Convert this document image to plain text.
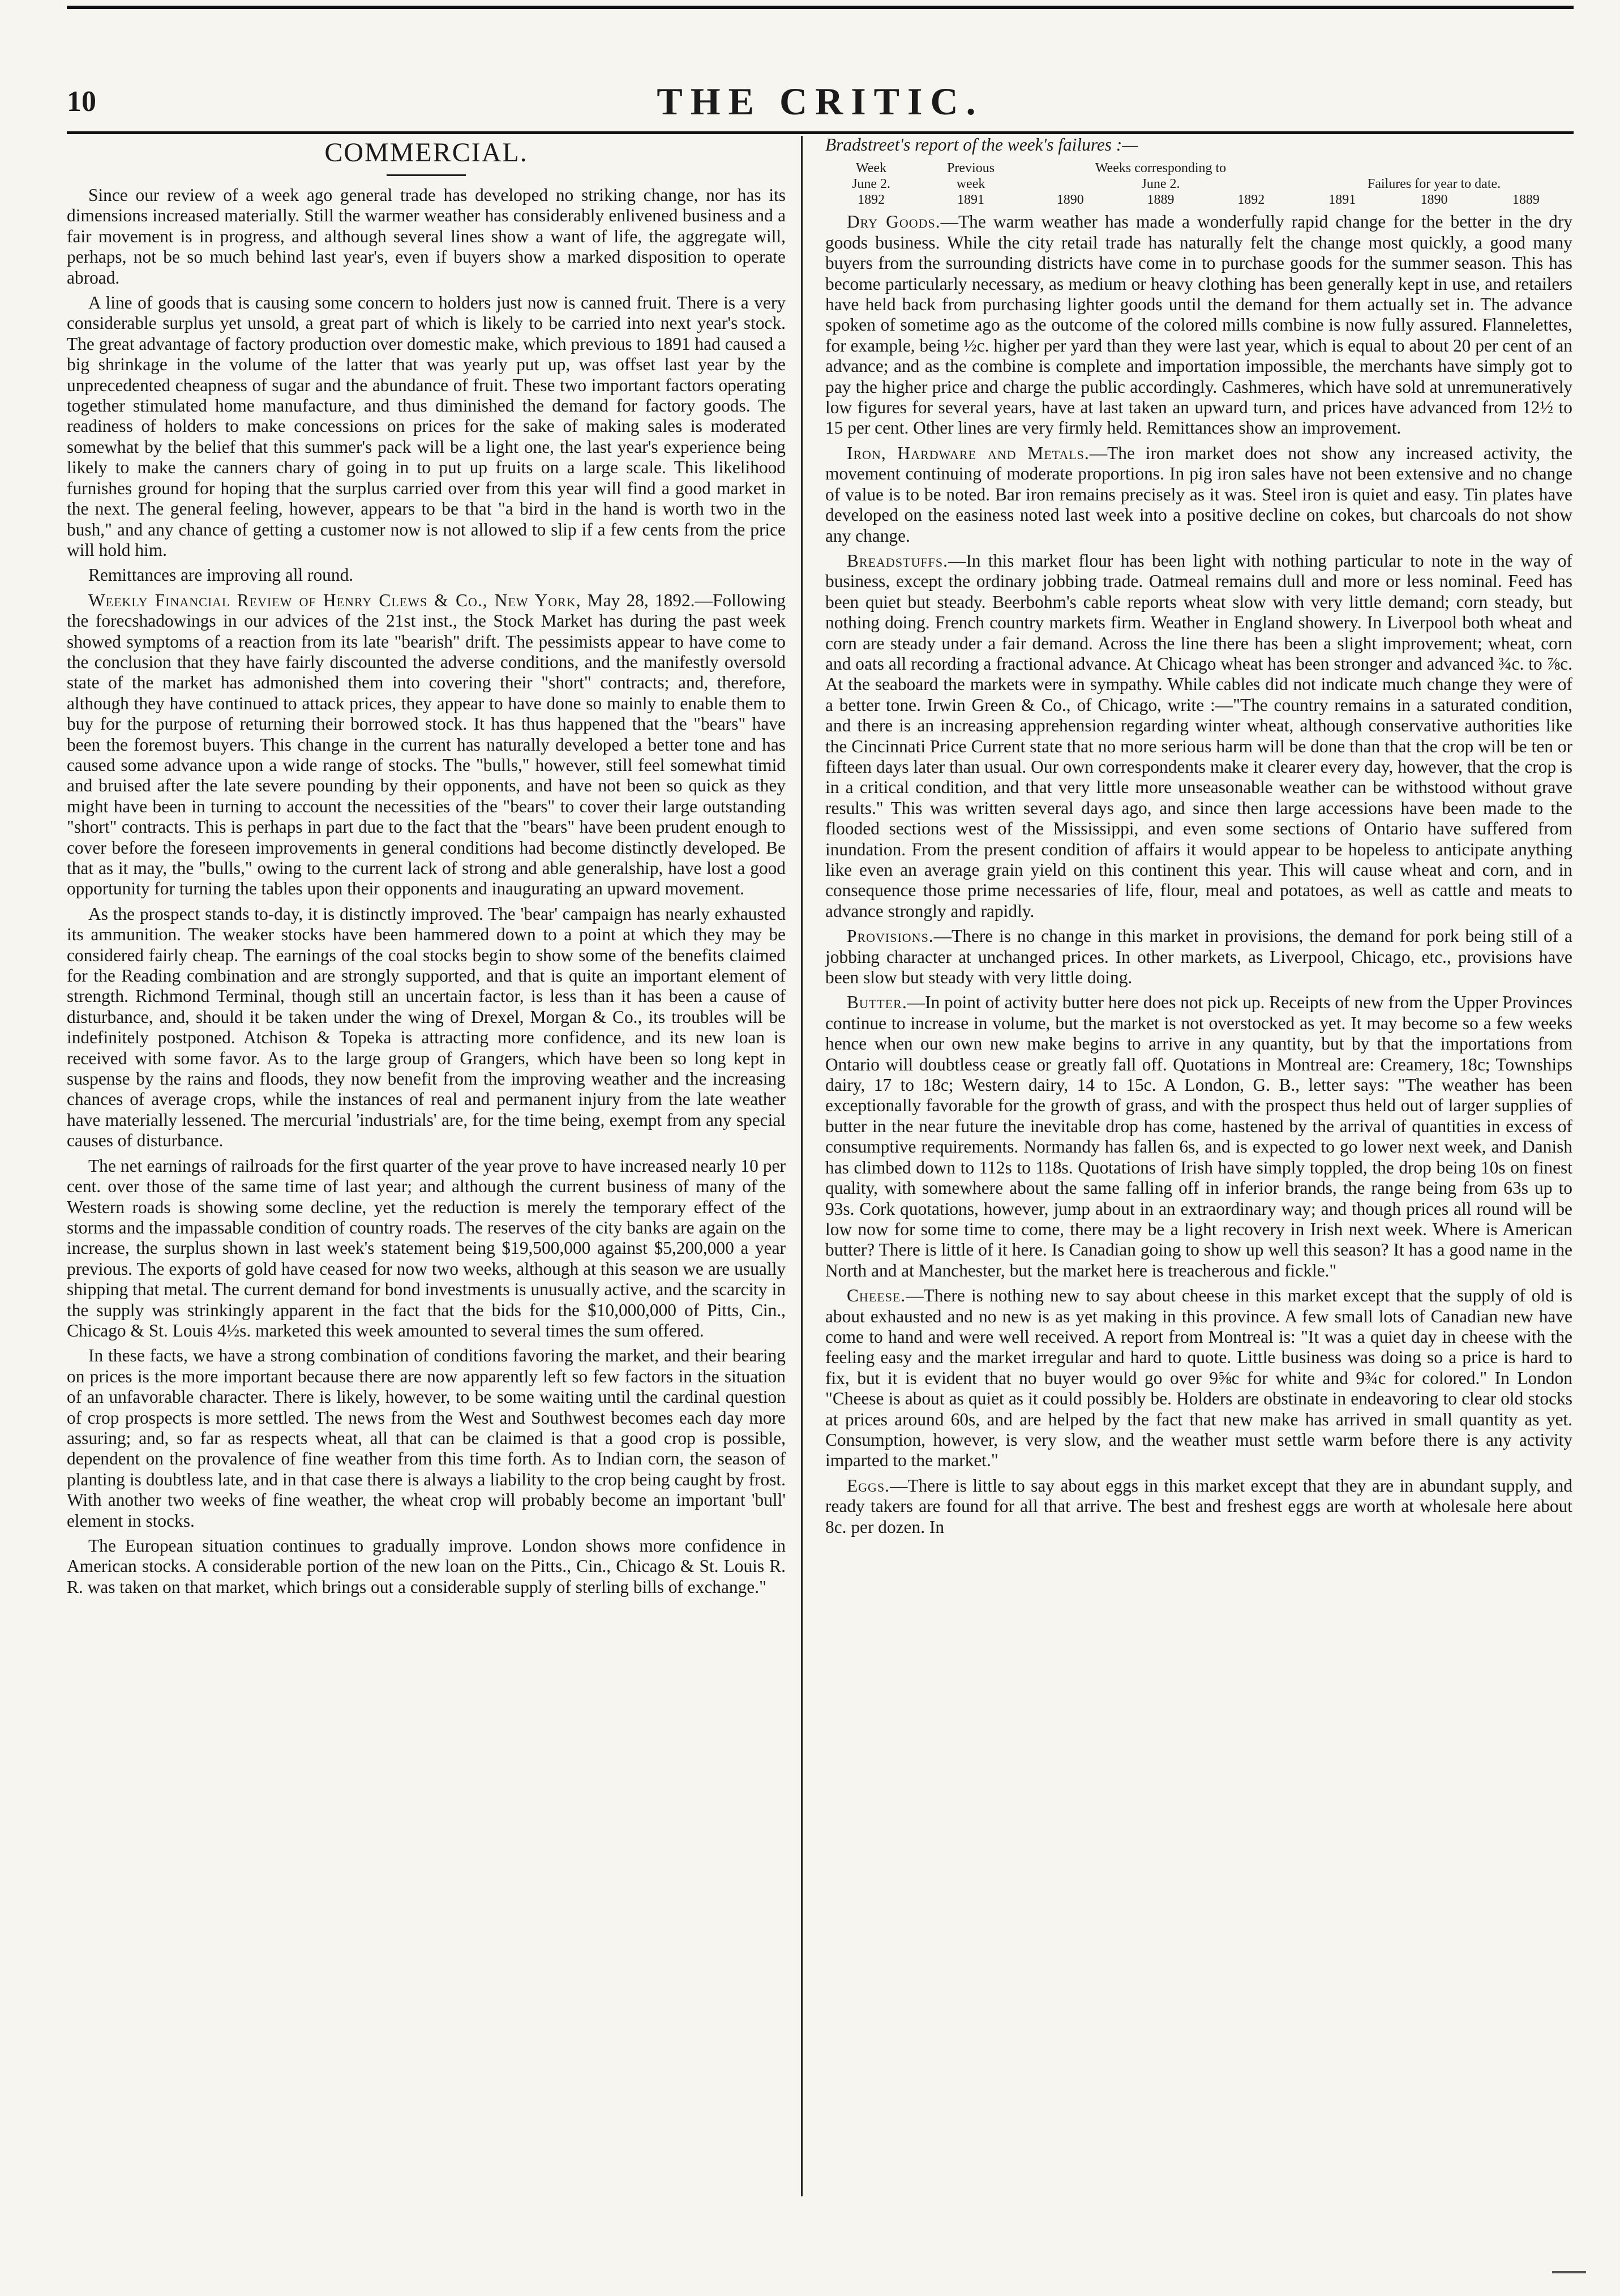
10	THE CRITIC.
COMMERCIAL.

Since our review of a week ago general trade has developed no striking change, nor has its dimensions increased materially. Still the warmer weather has considerably enlivened business and a fair movement is in progress, and although several lines show a want of life, the aggregate will, perhaps, not be so much behind last year's, even if buyers show a marked disposition to operate abroad.

A line of goods that is causing some concern to holders just now is canned fruit. There is a very considerable surplus yet unsold, a great part of which is likely to be carried into next year's stock. The great advantage of factory production over domestic make, which previous to 1891 had caused a big shrinkage in the volume of the latter that was yearly put up, was offset last year by the unprecedented cheapness of sugar and the abundance of fruit. These two important factors operating together stimulated home manufacture, and thus diminished the demand for factory goods. The readiness of holders to make concessions on prices for the sake of making sales is moderated somewhat by the belief that this summer's pack will be a light one, the last year's experience being likely to make the canners chary of going in to put up fruits on a large scale. This likelihood furnishes ground for hoping that the surplus carried over from this year will find a good market in the next. The general feeling, however, appears to be that "a bird in the hand is worth two in the bush," and any chance of getting a customer now is not allowed to slip if a few cents from the price will hold him.

Remittances are improving all round.

Weekly Financial Review of Henry Clews & Co., New York, May 28, 1892.—Following the forecshadowings in our advices of the 21st inst., the Stock Market has during the past week showed symptoms of a reaction from its late "bearish" drift. The pessimists appear to have come to the conclusion that they have fairly discounted the adverse conditions, and the manifestly oversold state of the market has admonished them into covering their "short" contracts; and, therefore, although they have continued to attack prices, they appear to have done so mainly to enable them to buy for the purpose of returning their borrowed stock. It has thus happened that the "bears" have been the foremost buyers. This change in the current has naturally developed a better tone and has caused some advance upon a wide range of stocks. The "bulls," however, still feel somewhat timid and bruised after the late severe pounding by their opponents, and have not been so quick as they might have been in turning to account the necessities of the "bears" to cover their large outstanding "short" contracts. This is perhaps in part due to the fact that the "bears" have been prudent enough to cover before the foreseen improvements in general conditions had become distinctly developed. Be that as it may, the "bulls," owing to the current lack of strong and able generalship, have lost a good opportunity for turning the tables upon their opponents and inaugurating an upward movement.

As the prospect stands to-day, it is distinctly improved. The 'bear' campaign has nearly exhausted its ammunition. The weaker stocks have been hammered down to a point at which they may be considered fairly cheap. The earnings of the coal stocks begin to show some of the benefits claimed for the Reading combination and are strongly supported, and that is quite an important element of strength. Richmond Terminal, though still an uncertain factor, is less than it has been a cause of disturbance, and, should it be taken under the wing of Drexel, Morgan & Co., its troubles will be indefinitely postponed. Atchison & Topeka is attracting more confidence, and its new loan is received with some favor. As to the large group of Grangers, which have been so long kept in suspense by the rains and floods, they now benefit from the improving weather and the increasing chances of average crops, while the instances of real and permanent injury from the late weather have materially lessened. The mercurial 'industrials' are, for the time being, exempt from any special causes of disturbance.

The net earnings of railroads for the first quarter of the year prove to have increased nearly 10 per cent. over those of the same time of last year; and although the current business of many of the Western roads is showing some decline, yet the reduction is merely the temporary effect of the storms and the impassable condition of country roads. The reserves of the city banks are again on the increase, the surplus shown in last week's statement being $19,500,000 against $5,200,000 a year previous. The exports of gold have ceased for now two weeks, although at this season we are usually shipping that metal. The current demand for bond investments is unusually active, and the scarcity in the supply was strinkingly apparent in the fact that the bids for the $10,000,000 of Pitts, Cin., Chicago & St. Louis 4½s. marketed this week amounted to several times the sum offered.

In these facts, we have a strong combination of conditions favoring the market, and their bearing on prices is the more important because there are now apparently left so few factors in the situation of an unfavorable character. There is likely, however, to be some waiting until the cardinal question of crop prospects is more settled. The news from the West and Southwest becomes each day more assuring; and, so far as respects wheat, all that can be claimed is that a good crop is possible, dependent on the provalence of fine weather from this time forth. As to Indian corn, the season of planting is doubtless late, and in that case there is always a liability to the crop being caught by frost. With another two weeks of fine weather, the wheat crop will probably become an important 'bull' element in stocks.

The European situation continues to gradually improve. London shows more confidence in American stocks. A considerable portion of the new loan on the Pitts., Cin., Chicago & St. Louis R. R. was taken on that market, which brings out a considerable supply of sterling bills of exchange."

Bradstreet's report of the week's failures :—

Week	Previous	Weeks corresponding to					
June 2.	week	June 2.			Failures for year to date.		
1892	1891	1890	1889	1892	1891	1890	1889

Dry Goods.—The warm weather has made a wonderfully rapid change for the better in the dry goods business. While the city retail trade has naturally felt the change most quickly, a good many buyers from the surrounding districts have come in to purchase goods for the summer season. This has become particularly necessary, as medium or heavy clothing has been generally kept in use, and retailers have held back from purchasing lighter goods until the demand for them actually set in. The advance spoken of sometime ago as the outcome of the colored mills combine is now fully assured. Flannelettes, for example, being ½c. higher per yard than they were last year, which is equal to about 20 per cent of an advance; and as the combine is complete and importation impossible, the merchants have simply got to pay the higher price and charge the public accordingly. Cashmeres, which have sold at unremuneratively low figures for several years, have at last taken an upward turn, and prices have advanced from 12½ to 15 per cent. Other lines are very firmly held. Remittances show an improvement.

Iron, Hardware and Metals.—The iron market does not show any increased activity, the movement continuing of moderate proportions. In pig iron sales have not been extensive and no change of value is to be noted. Bar iron remains precisely as it was. Steel iron is quiet and easy. Tin plates have developed on the easiness noted last week into a positive decline on cokes, but charcoals do not show any change.

Breadstuffs.—In this market flour has been light with nothing particular to note in the way of business, except the ordinary jobbing trade. Oatmeal remains dull and more or less nominal. Feed has been quiet but steady. Beerbohm's cable reports wheat slow with very little demand; corn steady, but nothing doing. French country markets firm. Weather in England showery. In Liverpool both wheat and corn are steady under a fair demand. Across the line there has been a slight improvement; wheat, corn and oats all recording a fractional advance. At Chicago wheat has been stronger and advanced ¾c. to ⅞c. At the seaboard the markets were in sympathy. While cables did not indicate much change they were of a better tone. Irwin Green & Co., of Chicago, write :—"The country remains in a saturated condition, and there is an increasing apprehension regarding winter wheat, although conservative authorities like the Cincinnati Price Current state that no more serious harm will be done than that the crop will be ten or fifteen days later than usual. Our own correspondents make it clearer every day, however, that the crop is in a critical condition, and that very little more unseasonable weather can be withstood without grave results." This was written several days ago, and since then large accessions have been made to the flooded sections west of the Mississippi, and even some sections of Ontario have suffered from inundation. From the present condition of affairs it would appear to be hopeless to anticipate anything like even an average grain yield on this continent this year. This will cause wheat and corn, and in consequence those prime necessaries of life, flour, meal and potatoes, as well as cattle and meats to advance strongly and rapidly.

Provisions.—There is no change in this market in provisions, the demand for pork being still of a jobbing character at unchanged prices. In other markets, as Liverpool, Chicago, etc., provisions have been slow but steady with very little doing.

Butter.—In point of activity butter here does not pick up. Receipts of new from the Upper Provinces continue to increase in volume, but the market is not overstocked as yet. It may become so a few weeks hence when our own new make begins to arrive in any quantity, but by that the importations from Ontario will doubtless cease or greatly fall off. Quotations in Montreal are: Creamery, 18c; Townships dairy, 17 to 18c; Western dairy, 14 to 15c. A London, G. B., letter says: "The weather has been exceptionally favorable for the growth of grass, and with the prospect thus held out of larger supplies of butter in the near future the inevitable drop has come, hastened by the arrival of quantities in excess of consumptive requirements. Normandy has fallen 6s, and is expected to go lower next week, and Danish has climbed down to 112s to 118s. Quotations of Irish have simply toppled, the drop being 10s on finest quality, with somewhere about the same falling off in inferior brands, the range being from 63s up to 93s. Cork quotations, however, jump about in an extraordinary way; and though prices all round will be low now for some time to come, there may be a light recovery in Irish next week. Where is American butter? There is little of it here. Is Canadian going to show up well this season? It has a good name in the North and at Manchester, but the market here is treacherous and fickle."

Cheese.—There is nothing new to say about cheese in this market except that the supply of old is about exhausted and no new is as yet making in this province. A few small lots of Canadian new have come to hand and were well received. A report from Montreal is: "It was a quiet day in cheese with the feeling easy and the market irregular and hard to quote. Little business was doing so a price is hard to fix, but it is evident that no buyer would go over 9⅝c for white and 9¾c for colored." In London "Cheese is about as quiet as it could possibly be. Holders are obstinate in endeavoring to clear old stocks at prices around 60s, and are helped by the fact that new make has arrived in small quantity as yet. Consumption, however, is very slow, and the weather must settle warm before there is any activity imparted to the market."

Eggs.—There is little to say about eggs in this market except that they are in abundant supply, and ready takers are found for all that arrive. The best and freshest eggs are worth at wholesale here about 8c. per dozen. In
